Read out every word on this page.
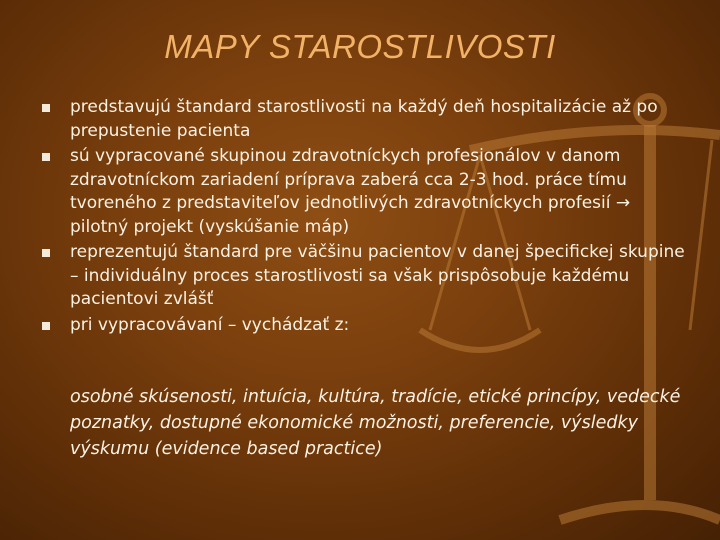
MAPY STAROSTLIVOSTI
predstavujú štandard starostlivosti na každý deň hospitalizácie až po prepustenie pacienta
sú vypracované skupinou zdravotníckych profesionálov v danom zdravotníckom zariadení príprava zaberá cca 2-3 hod. práce tímu tvoreného z predstaviteľov jednotlivých zdravotníckych profesií → pilotný projekt (vyskúšanie máp)
reprezentujú štandard pre väčšinu pacientov v danej špecifickej skupine – individuálny proces starostlivosti sa však prispôsobuje každému pacientovi zvlášť
pri vypracovávaní – vychádzať z:
osobné skúsenosti, intuícia, kultúra, tradície, etické princípy, vedecké poznatky, dostupné ekonomické možnosti, preferencie, výsledky výskumu (evidence based practice)
